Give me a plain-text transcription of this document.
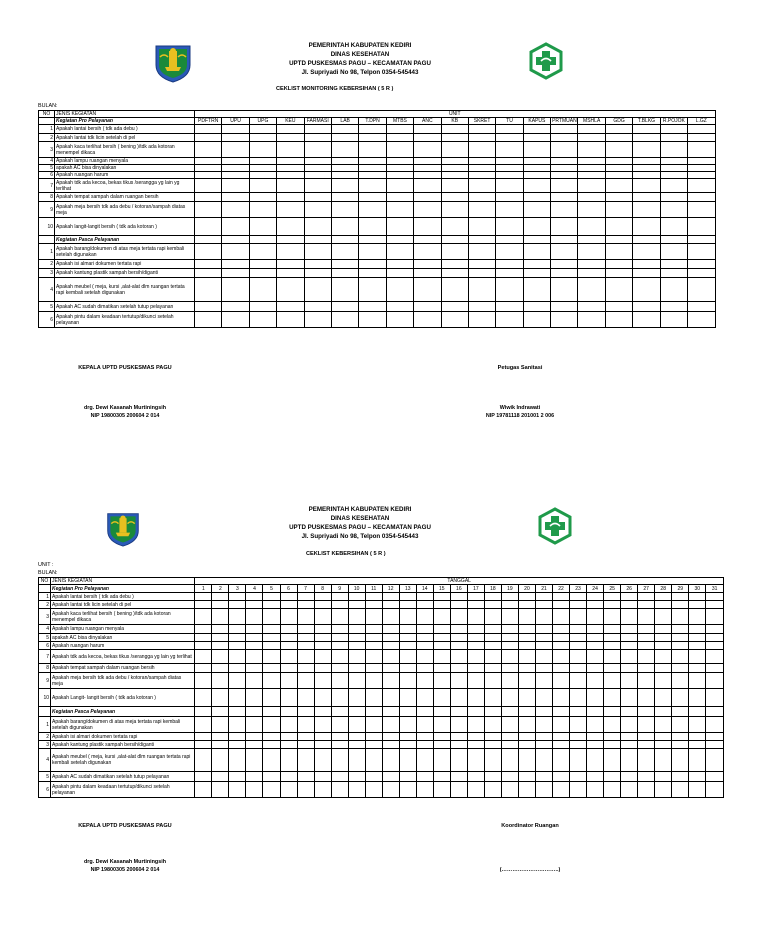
PEMERINTAH KABUPATEN KEDIRI
DINAS KESEHATAN
UPTD PUSKESMAS PAGU – KECAMATAN PAGU
Jl. Supriyadi No 98, Telpon 0354-545443
CEKLIST MONITORING KEBERSIHAN ( 5 R )
BULAN:
NO	JENIS KEGIATAN	UNIT																		
	Kegiatan Pro Pelayanan	PDFTRN	UPU	UPG	KEU	FARMASI	LAB	T.DPN	MTBS	ANC	KB	SKRET	TU	KAPUS	PRTMUAN	MSHLA	GDG	T.BLKG	R.POJOK	L.GZ
1	Apakah lantai bersih ( tdk ada debu )																			
2	Apakah lantai tdk licin setelah di pel																			
3	Apakah kaca terlihat bersih ( bening )/tdk ada kotoran menempel dikaca																			
4	Apakah lampu ruangan menyala																			
5	apakah AC bisa dinyalakan																			
6	Apakah ruangan harum																			
7	Apakah tdk ada kecoa, bekas tikus /serangga yg lain yg terlihat																			
8	Apakah tempat sampah dalam ruangan bersih																			
9	Apakah meja bersih tdk ada debu / kotoran/sampah diatas meja																			
10	Apakah langit-langit bersih ( tdk ada kotoran )																			
	Kegiatan Pasca Pelayanan																			
1	Apakah barang/dokumen di atas meja tertata rapi kembali setelah digunakan																			
2	Apakah isi almari dokumen tertata rapi																			
3	Apakah kantung plastik sampah bersih/diganti																			
4	Apakah meubel ( meja, kursi ,alat-alat dlm ruangan tertata rapi kembali setelah digunakan																			
5	Apakah AC sudah dimatikan setelah tutup pelayanan																			
6	Apakah pintu dalam keadaan tertutup/dikunci setelah pelayanan																			
KEPALA UPTD PUSKESMAS PAGU
drg. Dewi Kasanah Murtiningsih
NIP 19800305 200604 2 014
Petugas Sanitasi
Wiwik Indrawati
NIP 19781118 201001 2 006
PEMERINTAH KABUPATEN KEDIRI
DINAS KESEHATAN
UPTD PUSKESMAS PAGU – KECAMATAN PAGU
Jl. Supriyadi No 98, Telpon 0354-545443
CEKLIST KEBERSIHAN ( 5 R )
UNIT :
BULAN:
NO	JENIS KEGIATAN	TANGGAL																														
	Kegiatan Pro Pelayanan	1	2	3	4	5	6	7	8	9	10	11	12	13	14	15	16	17	18	19	20	21	22	23	24	25	26	27	28	29	30	31
1	Apakah lantai bersih ( tdk ada debu )																															
2	Apakah lantai tdk licin setelah di pel																															
3	Apakah kaca terlihat bersih ( bening )/tdk ada kotoran menempel dikaca																															
4	Apakah lampu ruangan menyala																															
5	apakah AC bisa dinyalakan																															
6	Apakah ruangan harum																															
7	Apakah tdk ada kecoa, bekas tikus /serangga yg lain yg terlihat																															
8	Apakah tempat sampah dalam ruangan bersih																															
9	Apakah meja bersih tdk ada debu / kotoran/sampah diatas meja																															
10	Apakah Langit- langit bersih ( tdk ada kotoran )																															
	Kegiatan Pasca Pelayanan																															
1	Apakah barang/dokumen di atas meja tertata rapi kembali setelah digunakan																															
2	Apakah isi almari dokumen tertata rapi																															
3	Apakah kantung plastik sampah bersih/diganti																															
4	Apakah meubel ( meja, kursi ,alat-alat dlm ruangan tertata rapi kembali setelah digunakan																															
5	Apakah AC sudah dimatikan setelah tutup pelayanan																															
6	Apakah pintu dalam keadaan tertutup/dikunci setelah pelayanan																															
KEPALA UPTD PUSKESMAS PAGU
drg. Dewi Kasanah Murtiningsih
NIP 19800305 200604 2 014
Koordinator Ruangan
(…………………………..)
